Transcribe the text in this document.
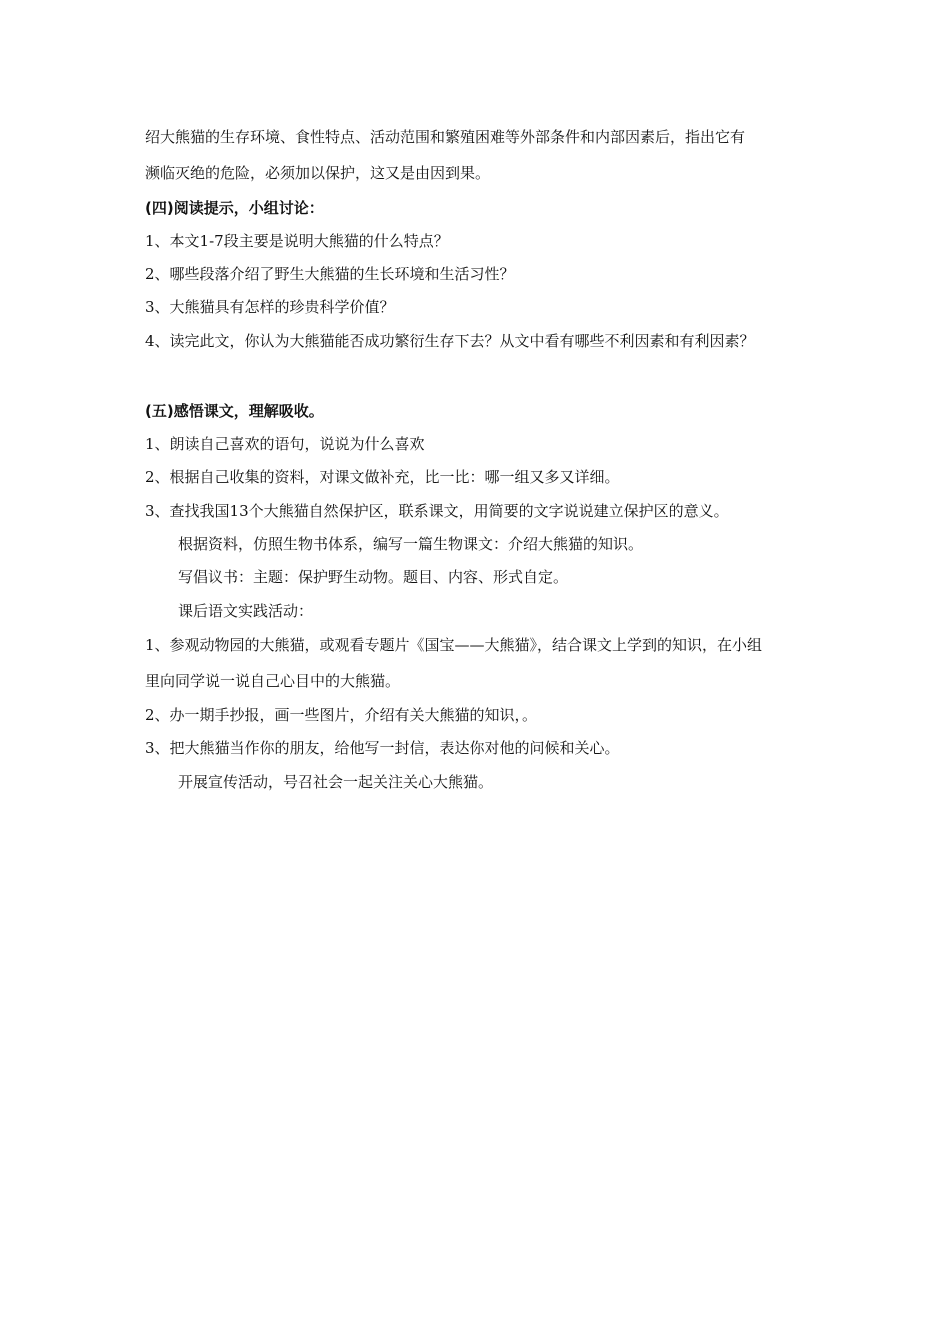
绍大熊猫的生存环境、食性特点、活动范围和繁殖困难等外部条件和内部因素后，指出它有
濒临灭绝的危险，必须加以保护，这又是由因到果。
(四)阅读提示，小组讨论：
1、本文1-7段主要是说明大熊猫的什么特点？
2、哪些段落介绍了野生大熊猫的生长环境和生活习性？
3、大熊猫具有怎样的珍贵科学价值？
4、读完此文，你认为大熊猫能否成功繁衍生存下去？从文中看有哪些不利因素和有利因素？
(五)感悟课文，理解吸收。
1、朗读自己喜欢的语句，说说为什么喜欢
2、根据自己收集的资料，对课文做补充，比一比：哪一组又多又详细。
3、查找我国13个大熊猫自然保护区，联系课文，用简要的文字说说建立保护区的意义。
根据资料，仿照生物书体系，编写一篇生物课文：介绍大熊猫的知识。
写倡议书：主题：保护野生动物。题目、内容、形式自定。
课后语文实践活动：
1、参观动物园的大熊猫，或观看专题片《国宝——大熊猫》，结合课文上学到的知识，在小组
里向同学说一说自己心目中的大熊猫。
2、办一期手抄报，画一些图片，介绍有关大熊猫的知识，。
3、把大熊猫当作你的朋友，给他写一封信，表达你对他的问候和关心。
开展宣传活动，号召社会一起关注关心大熊猫。
